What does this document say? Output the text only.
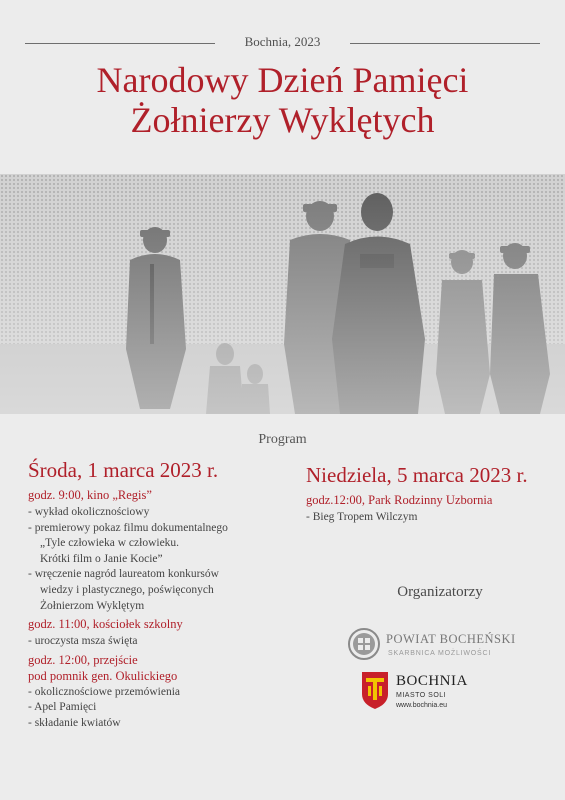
Bochnia, 2023
Narodowy Dzień Pamięci
Żołnierzy Wyklętych
Program
Środa, 1 marca 2023 r.
godz. 9:00, kino „Regis”
- wykład okolicznościowy
- premierowy pokaz filmu dokumentalnego
„Tyle człowieka w człowieku.
Krótki film o Janie Kocie”
- wręczenie nagród laureatom konkursów
wiedzy i plastycznego, poświęconych
Żołnierzom Wyklętym
godz. 11:00, kościołek szkolny
- uroczysta msza święta
godz. 12:00, przejście
pod pomnik gen. Okulickiego
- okolicznościowe przemówienia
- Apel Pamięci
- składanie kwiatów
Niedziela, 5 marca 2023 r.
godz.12:00, Park Rodzinny Uzbornia
- Bieg Tropem Wilczym
Organizatorzy
POWIAT BOCHEŃSKI
SKARBNICA MOŻLIWOŚCI
BOCHNIA
MIASTO SOLI
www.bochnia.eu
